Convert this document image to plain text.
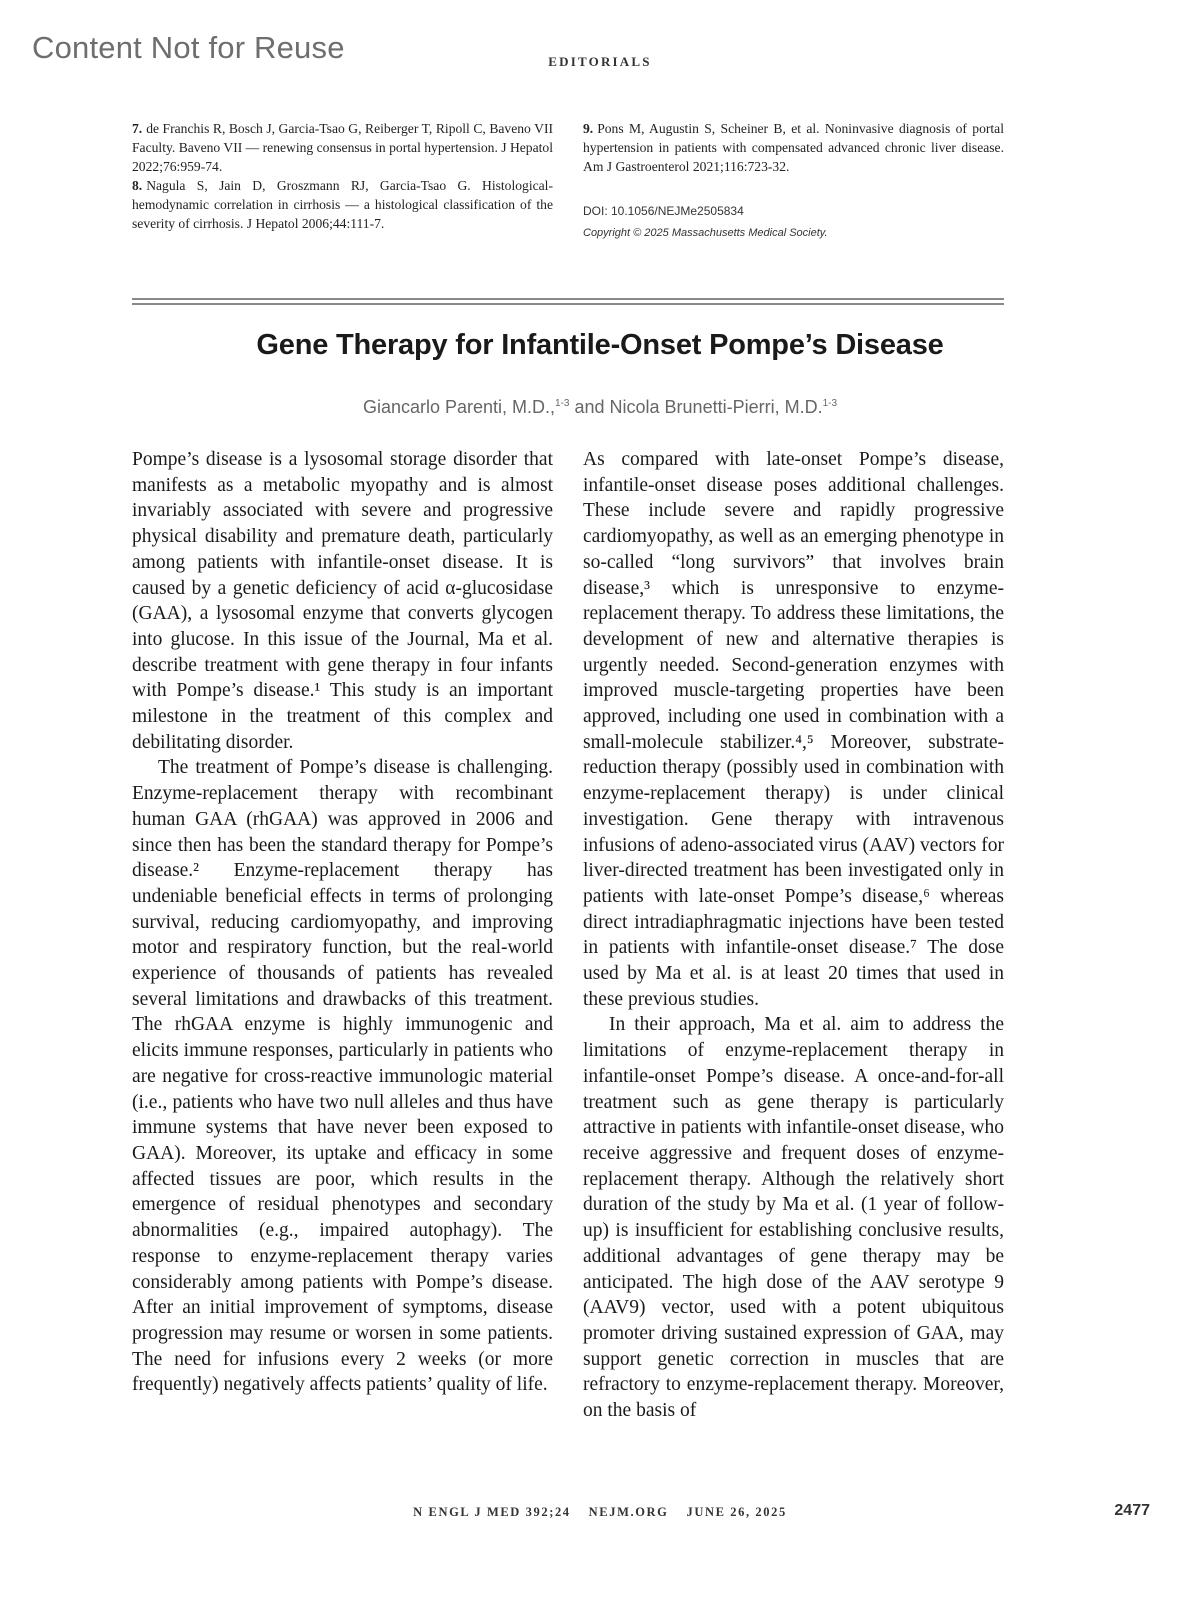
Content Not for Reuse	EDITORIALS

7. de Franchis R, Bosch J, Garcia-Tsao G, Reiberger T, Ripoll C, Baveno VII Faculty. Baveno VII — renewing consensus in portal hypertension. J Hepatol 2022;76:959-74.

8. Nagula S, Jain D, Groszmann RJ, Garcia-Tsao G. Histological-hemodynamic correlation in cirrhosis — a histological classification of the severity of cirrhosis. J Hepatol 2006;44:111-7.

9. Pons M, Augustin S, Scheiner B, et al. Noninvasive diagnosis of portal hypertension in patients with compensated advanced chronic liver disease. Am J Gastroenterol 2021;116:723-32.

DOI: 10.1056/NEJMe2505834
Copyright © 2025 Massachusetts Medical Society.
Gene Therapy for Infantile-Onset Pompe’s Disease

Giancarlo Parenti, M.D.,$^{1-3}$ and Nicola Brunetti-Pierri, M.D.$^{1-3}$

Pompe’s disease is a lysosomal storage disorder that manifests as a metabolic myopathy and is almost invariably associated with severe and progressive physical disability and premature death, particularly among patients with infantile-onset disease. It is caused by a genetic deficiency of acid α-glucosidase (GAA), a lysosomal enzyme that converts glycogen into glucose. In this issue of the Journal, Ma et al. describe treatment with gene therapy in four infants with Pompe’s disease.¹ This study is an important milestone in the treatment of this complex and debilitating disorder.

The treatment of Pompe’s disease is challenging. Enzyme-replacement therapy with recombinant human GAA (rhGAA) was approved in 2006 and since then has been the standard therapy for Pompe’s disease.² Enzyme-replacement therapy has undeniable beneficial effects in terms of prolonging survival, reducing cardiomyopathy, and improving motor and respiratory function, but the real-world experience of thousands of patients has revealed several limitations and drawbacks of this treatment. The rhGAA enzyme is highly immunogenic and elicits immune responses, particularly in patients who are negative for cross-reactive immunologic material (i.e., patients who have two null alleles and thus have immune systems that have never been exposed to GAA). Moreover, its uptake and efficacy in some affected tissues are poor, which results in the emergence of residual phenotypes and secondary abnormalities (e.g., impaired autophagy). The response to enzyme-replacement therapy varies considerably among patients with Pompe’s disease. After an initial improvement of symptoms, disease progression may resume or worsen in some patients. The need for infusions every 2 weeks (or more frequently) negatively affects patients’ quality of life.

As compared with late-onset Pompe’s disease, infantile-onset disease poses additional challenges. These include severe and rapidly progressive cardiomyopathy, as well as an emerging phenotype in so-called “long survivors” that involves brain disease,³ which is unresponsive to enzyme-replacement therapy. To address these limitations, the development of new and alternative therapies is urgently needed. Second-generation enzymes with improved muscle-targeting properties have been approved, including one used in combination with a small-molecule stabilizer.⁴,⁵ Moreover, substrate-reduction therapy (possibly used in combination with enzyme-replacement therapy) is under clinical investigation. Gene therapy with intravenous infusions of adeno-associated virus (AAV) vectors for liver-directed treatment has been investigated only in patients with late-onset Pompe’s disease,⁶ whereas direct intradiaphragmatic injections have been tested in patients with infantile-onset disease.⁷ The dose used by Ma et al. is at least 20 times that used in these previous studies.

In their approach, Ma et al. aim to address the limitations of enzyme-replacement therapy in infantile-onset Pompe’s disease. A once-and-for-all treatment such as gene therapy is particularly attractive in patients with infantile-onset disease, who receive aggressive and frequent doses of enzyme-replacement therapy. Although the relatively short duration of the study by Ma et al. (1 year of follow-up) is insufficient for establishing conclusive results, additional advantages of gene therapy may be anticipated. The high dose of the AAV serotype 9 (AAV9) vector, used with a potent ubiquitous promoter driving sustained expression of GAA, may support genetic correction in muscles that are refractory to enzyme-replacement therapy. Moreover, on the basis of

N ENGL J MED 392;24 NEJM.ORG JUNE 26, 2025	2477
